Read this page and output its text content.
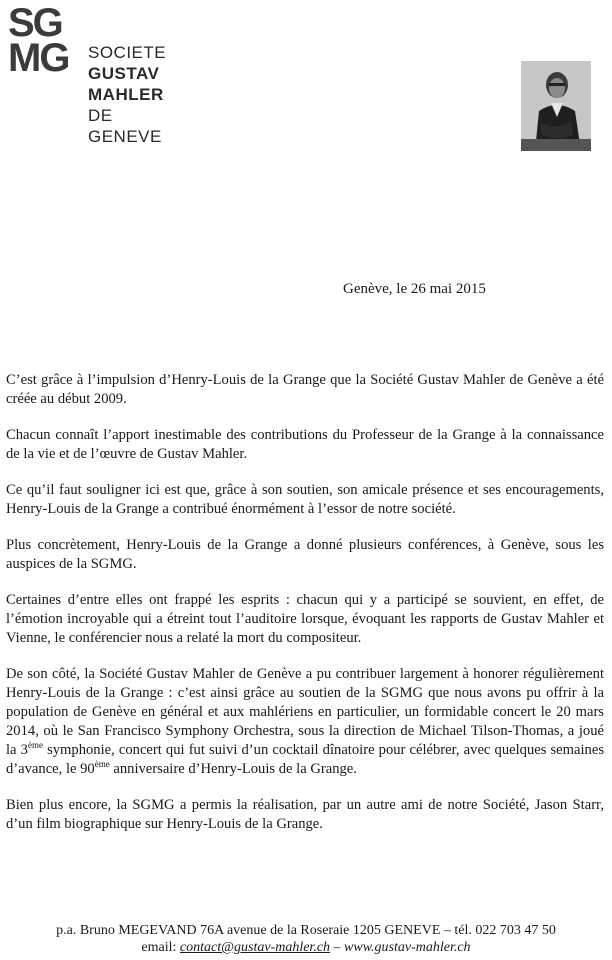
SG
MG	SOCIETE
GUSTAV
MAHLER
DE
GENEVE
Genève, le 26 mai 2015

C’est grâce à l’impulsion d’Henry-Louis de la Grange que la Société Gustav Mahler de Genève a été créée au début 2009.

Chacun connaît l’apport inestimable des contributions du Professeur de la Grange à la connaissance de la vie et de l’œuvre de Gustav Mahler.

Ce qu’il faut souligner ici est que, grâce à son soutien, son amicale présence et ses encouragements, Henry-Louis de la Grange a contribué énormément à l’essor de notre société.

Plus concrètement, Henry-Louis de la Grange a donné plusieurs conférences, à Genève, sous les auspices de la SGMG.

Certaines d’entre elles ont frappé les esprits : chacun qui y a participé se souvient, en effet, de l’émotion incroyable qui a étreint tout l’auditoire lorsque, évoquant les rapports de Gustav Mahler et Vienne, le conférencier nous a relaté la mort du compositeur.

De son côté, la Société Gustav Mahler de Genève a pu contribuer largement à honorer régulièrement Henry-Louis de la Grange : c’est ainsi grâce au soutien de la SGMG que nous avons pu offrir à la population de Genève en général et aux mahlériens en particulier, un formidable concert le 20 mars 2014, où le San Francisco Symphony Orchestra, sous la direction de Michael Tilson-Thomas, a joué la 3ème symphonie, concert qui fut suivi d’un cocktail dînatoire pour célébrer, avec quelques semaines d’avance, le 90ème anniversaire d’Henry-Louis de la Grange.

Bien plus encore, la SGMG a permis la réalisation, par un autre ami de notre Société, Jason Starr, d’un film biographique sur Henry-Louis de la Grange.

p.a. Bruno MEGEVAND 76A avenue de la Roseraie 1205 GENEVE – tél. 022 703 47 50
email: contact@gustav-mahler.ch – www.gustav-mahler.ch
